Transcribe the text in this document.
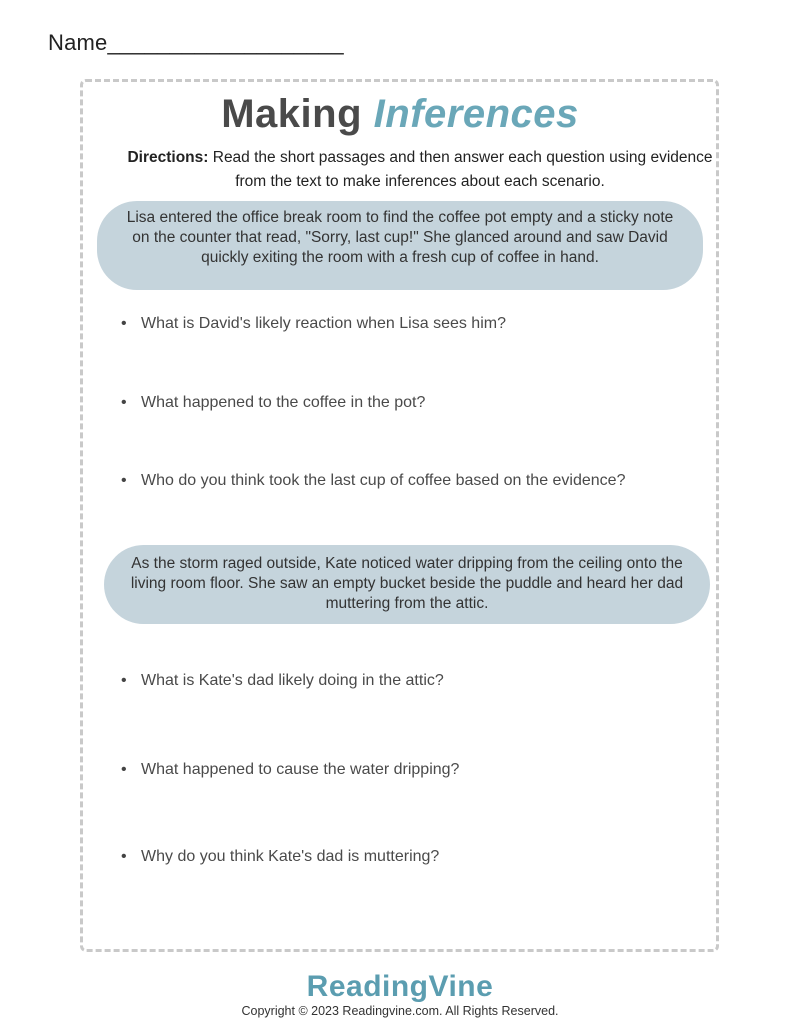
Name___________________
Making Inferences
Directions: Read the short passages and then answer each question using evidence from the text to make inferences about each scenario.
Lisa entered the office break room to find the coffee pot empty and a sticky note on the counter that read, "Sorry, last cup!" She glanced around and saw David quickly exiting the room with a fresh cup of coffee in hand.
• What is David's likely reaction when Lisa sees him?
• What happened to the coffee in the pot?
• Who do you think took the last cup of coffee based on the evidence?
As the storm raged outside, Kate noticed water dripping from the ceiling onto the living room floor. She saw an empty bucket beside the puddle and heard her dad muttering from the attic.
• What is Kate's dad likely doing in the attic?
• What happened to cause the water dripping?
• Why do you think Kate's dad is muttering?
ReadingVine
Copyright © 2023 Readingvine.com. All Rights Reserved.
